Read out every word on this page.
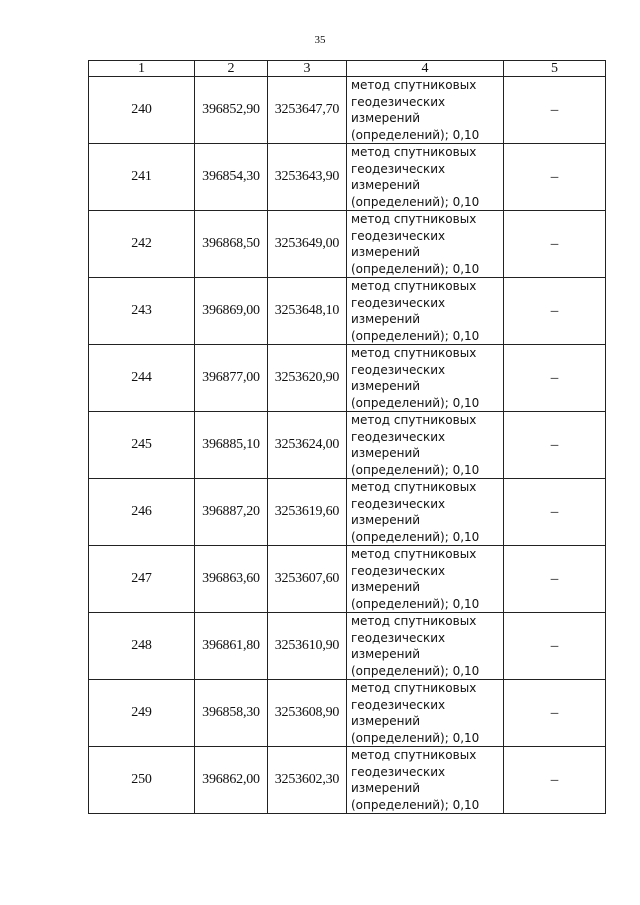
35
1	2	3	4	5
240	396852,90	3253647,70	метод спутниковых
геодезических
измерений
(определений); 0,10	–
241	396854,30	3253643,90	метод спутниковых
геодезических
измерений
(определений); 0,10	–
242	396868,50	3253649,00	метод спутниковых
геодезических
измерений
(определений); 0,10	–
243	396869,00	3253648,10	метод спутниковых
геодезических
измерений
(определений); 0,10	–
244	396877,00	3253620,90	метод спутниковых
геодезических
измерений
(определений); 0,10	–
245	396885,10	3253624,00	метод спутниковых
геодезических
измерений
(определений); 0,10	–
246	396887,20	3253619,60	метод спутниковых
геодезических
измерений
(определений); 0,10	–
247	396863,60	3253607,60	метод спутниковых
геодезических
измерений
(определений); 0,10	–
248	396861,80	3253610,90	метод спутниковых
геодезических
измерений
(определений); 0,10	–
249	396858,30	3253608,90	метод спутниковых
геодезических
измерений
(определений); 0,10	–
250	396862,00	3253602,30	метод спутниковых
геодезических
измерений
(определений); 0,10	–
